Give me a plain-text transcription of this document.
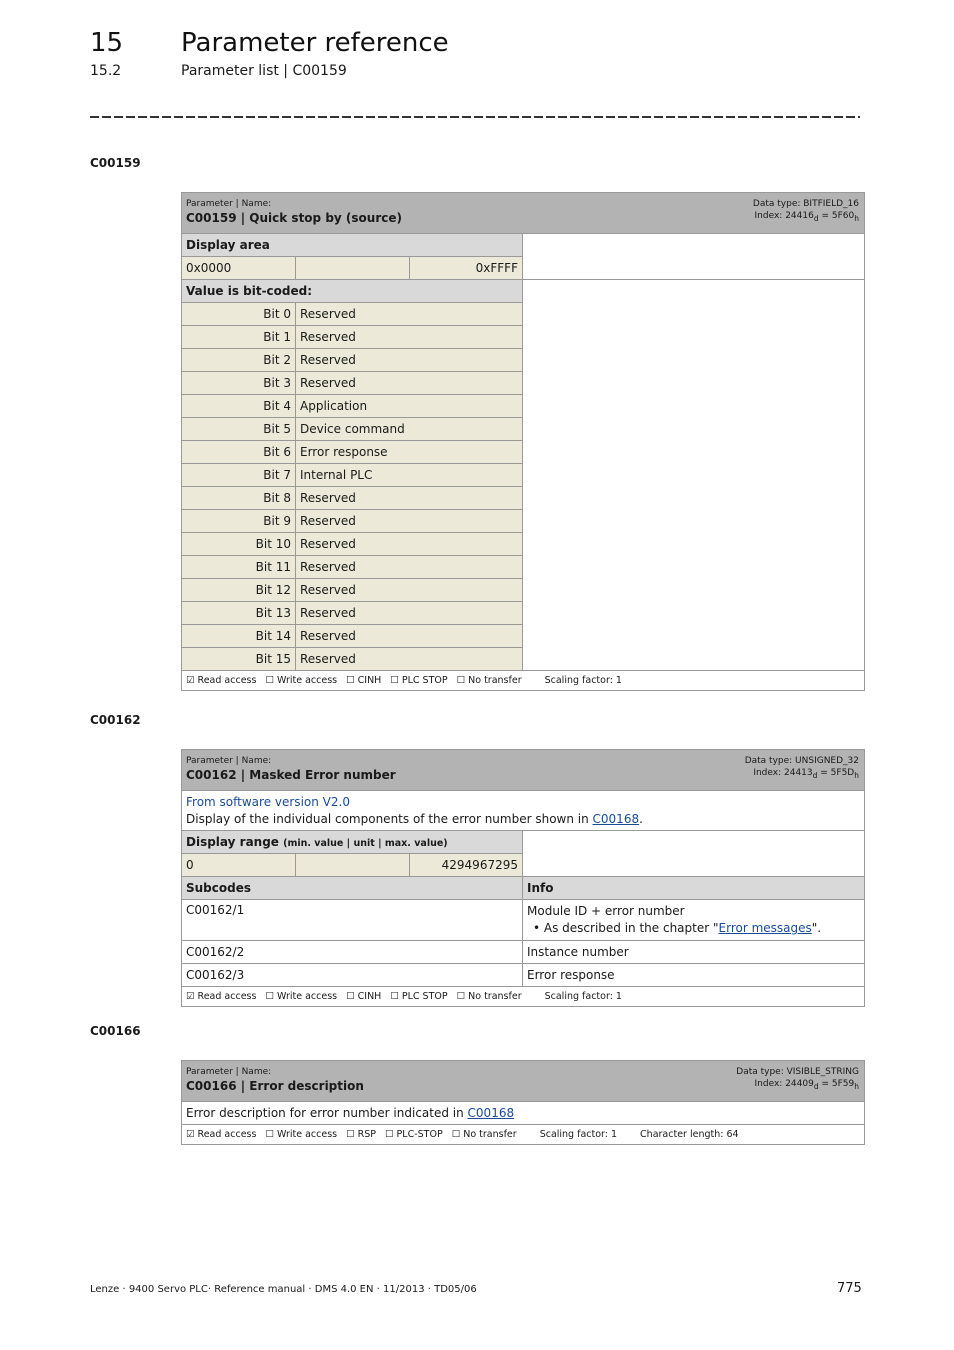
15 Parameter reference
15.2	Parameter list | C00159
C00159
Parameter | Name:
C00159 | Quick stop by (source)
Data type: BITFIELD_16
Index: $24416_d = 5F60_h$

Display area			
0x0000		0xFFFF	
Value is bit-coded:			
Bit 0	Reserved		
Bit 1	Reserved		
Bit 2	Reserved		
Bit 3	Reserved		
Bit 4	Application		
Bit 5	Device command		
Bit 6	Error response		
Bit 7	Internal PLC		
Bit 8	Reserved		
Bit 9	Reserved		
Bit 10	Reserved		
Bit 11	Reserved		
Bit 12	Reserved		
Bit 13	Reserved		
Bit 14	Reserved		
Bit 15	Reserved		
☑ Read access ☐ Write access ☐ CINH ☐ PLC STOP ☐ No transfer Scaling factor: 1			
C00162
Parameter | Name:
C00162 | Masked Error number
Data type: UNSIGNED_32
Index: $24413_d = 5F5D_h$

From software version V2.0
Display of the individual components of the error number shown in C00168.			

Display range (min. value | unit | max. value)			
0		4294967295	
Subcodes			Info
C00162/1			Module ID + error number
• As described in the chapter "Error messages".

C00162/2			Instance number
C00162/3			Error response
☑ Read access ☐ Write access ☐ CINH ☐ PLC STOP ☐ No transfer Scaling factor: 1			
C00166
Parameter | Name:
C00166 | Error description
Data type: VISIBLE_STRING
Index: $24409_d = 5F59_h$

Error description for error number indicated in C00168
☑ Read access ☐ Write access ☐ RSP ☐ PLC-STOP ☐ No transfer Scaling factor: 1 Character length: 64
Lenze · 9400 Servo PLC· Reference manual · DMS 4.0 EN · 11/2013 · TD05/06	775
